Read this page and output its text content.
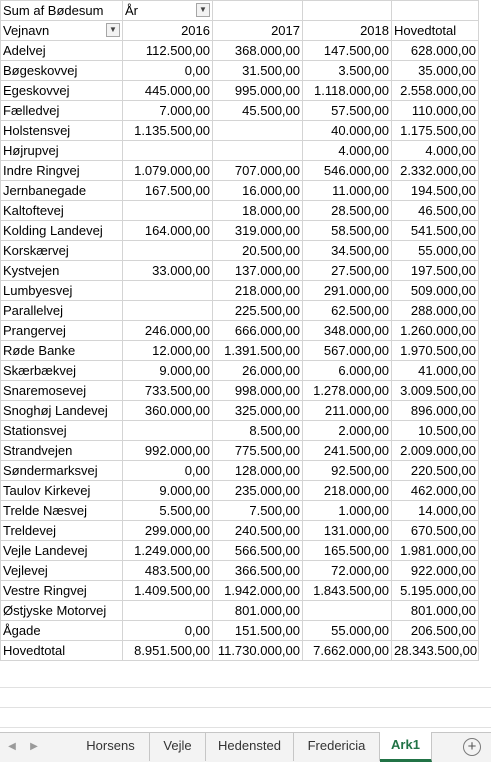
Sum af Bødesum	År ▼			

Vejnavn ▼	2016	2017	2018	Hovedtotal
Adelvej	112.500,00	368.000,00	147.500,00	628.000,00
Bøgeskovvej	0,00	31.500,00	3.500,00	35.000,00
Egeskovvej	445.000,00	995.000,00	1.118.000,00	2.558.000,00
Fælledvej	7.000,00	45.500,00	57.500,00	110.000,00
Holstensvej	1.135.500,00		40.000,00	1.175.500,00
Højrupvej			4.000,00	4.000,00
Indre Ringvej	1.079.000,00	707.000,00	546.000,00	2.332.000,00
Jernbanegade	167.500,00	16.000,00	11.000,00	194.500,00
Kaltoftevej		18.000,00	28.500,00	46.500,00
Kolding Landevej	164.000,00	319.000,00	58.500,00	541.500,00
Korskærvej		20.500,00	34.500,00	55.000,00
Kystvejen	33.000,00	137.000,00	27.500,00	197.500,00
Lumbyesvej		218.000,00	291.000,00	509.000,00
Parallelvej		225.500,00	62.500,00	288.000,00
Prangervej	246.000,00	666.000,00	348.000,00	1.260.000,00
Røde Banke	12.000,00	1.391.500,00	567.000,00	1.970.500,00
Skærbækvej	9.000,00	26.000,00	6.000,00	41.000,00
Snaremosevej	733.500,00	998.000,00	1.278.000,00	3.009.500,00
Snoghøj Landevej	360.000,00	325.000,00	211.000,00	896.000,00
Stationsvej		8.500,00	2.000,00	10.500,00
Strandvejen	992.000,00	775.500,00	241.500,00	2.009.000,00
Søndermarksvej	0,00	128.000,00	92.500,00	220.500,00
Taulov Kirkevej	9.000,00	235.000,00	218.000,00	462.000,00
Trelde Næsvej	5.500,00	7.500,00	1.000,00	14.000,00
Treldevej	299.000,00	240.500,00	131.000,00	670.500,00
Vejle Landevej	1.249.000,00	566.500,00	165.500,00	1.981.000,00
Vejlevej	483.500,00	366.500,00	72.000,00	922.000,00
Vestre Ringvej	1.409.500,00	1.942.000,00	1.843.500,00	5.195.000,00
Østjyske Motorvej		801.000,00		801.000,00
Ågade	0,00	151.500,00	55.000,00	206.500,00
Hovedtotal	8.951.500,00	11.730.000,00	7.662.000,00	28.343.500,00
◀	▶	Horsens	Vejle	Hedensted	Fredericia	Ark1	+
